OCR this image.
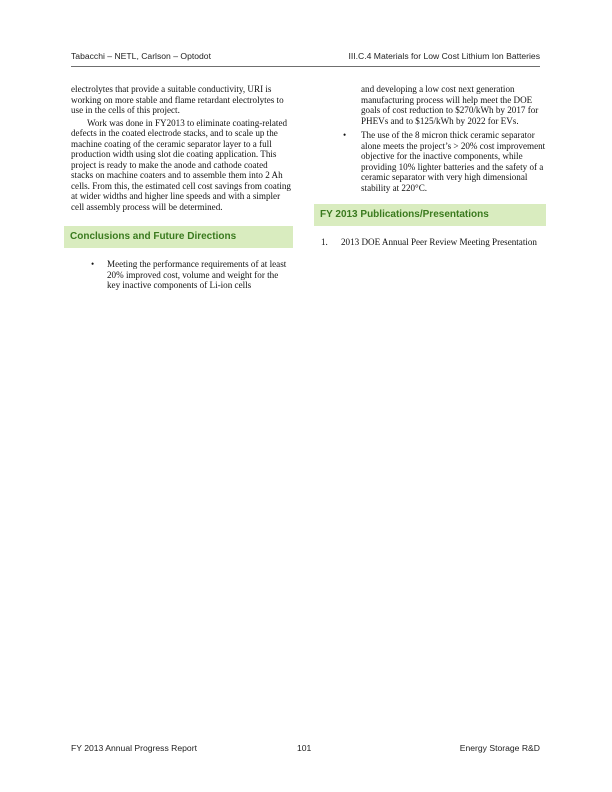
Tabacchi – NETL, Carlson – Optodot	III.C.4 Materials for Low Cost Lithium Ion Batteries

electrolytes that provide a suitable conductivity, URI is working on more stable and flame retardant electrolytes to use in the cells of this project.

Work was done in FY2013 to eliminate coating-related defects in the coated electrode stacks, and to scale up the machine coating of the ceramic separator layer to a full production width using slot die coating application. This project is ready to make the anode and cathode coated stacks on machine coaters and to assemble them into 2 Ah cells. From this, the estimated cell cost savings from coating at wider widths and higher line speeds and with a simpler cell assembly process will be determined.

Conclusions and Future Directions
• Meeting the performance requirements of at least 20% improved cost, volume and weight for the key inactive components of Li-ion cells
and developing a low cost next generation manufacturing process will help meet the DOE goals of cost reduction to $270/kWh by 2017 for PHEVs and to $125/kWh by 2022 for EVs.
• The use of the 8 micron thick ceramic separator alone meets the project’s > 20% cost improvement objective for the inactive components, while providing 10% lighter batteries and the safety of a ceramic separator with very high dimensional stability at 220°C.
FY 2013 Publications/Presentations
1. 2013 DOE Annual Peer Review Meeting Presentation
FY 2013 Annual Progress Report	101	Energy Storage R&D
